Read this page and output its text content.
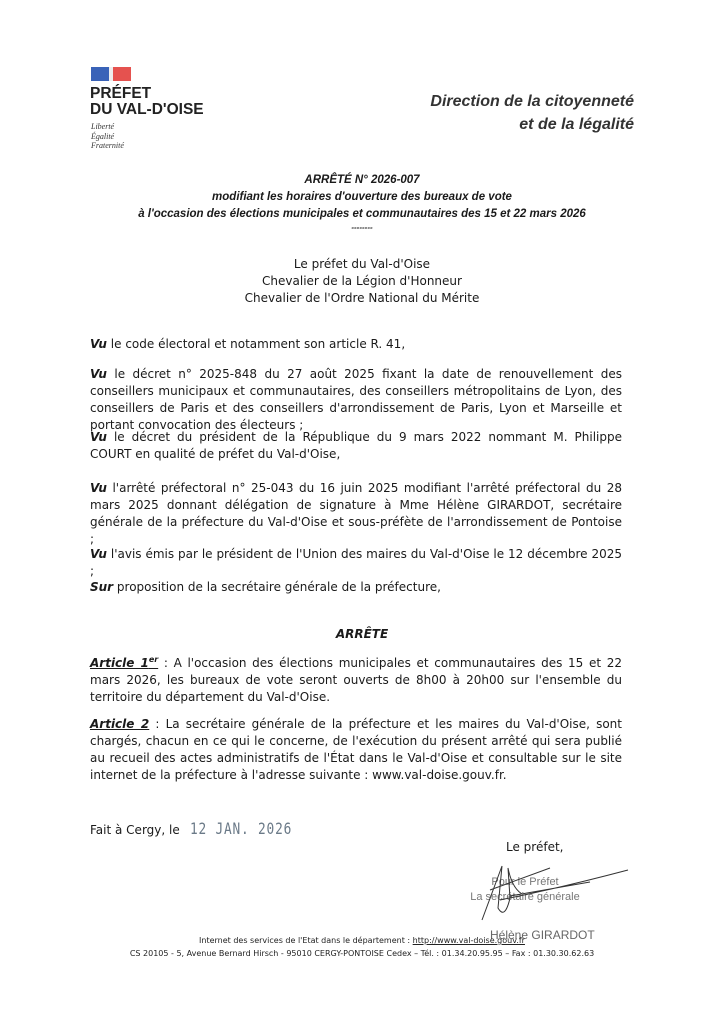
PRÉFET
DU VAL-D'OISE
Liberté
Égalité
Fraternité
Direction de la citoyenneté
et de la légalité
ARRÊTÉ N° 2026-007
modifiant les horaires d'ouverture des bureaux de vote
à l'occasion des élections municipales et communautaires des 15 et 22 mars 2026
--------
Le préfet du Val-d'Oise
Chevalier de la Légion d'Honneur
Chevalier de l'Ordre National du Mérite
Vu le code électoral et notamment son article R. 41,
Vu le décret n° 2025-848 du 27 août 2025 fixant la date de renouvellement des conseillers municipaux et communautaires, des conseillers métropolitains de Lyon, des conseillers de Paris et des conseillers d'arrondissement de Paris, Lyon et Marseille et portant convocation des électeurs ;
Vu le décret du président de la République du 9 mars 2022 nommant M. Philippe COURT en qualité de préfet du Val-d'Oise,
Vu l'arrêté préfectoral n° 25-043 du 16 juin 2025 modifiant l'arrêté préfectoral du 28 mars 2025 donnant délégation de signature à Mme Hélène GIRARDOT, secrétaire générale de la préfecture du Val-d'Oise et sous-préfète de l'arrondissement de Pontoise ;
Vu l'avis émis par le président de l'Union des maires du Val-d'Oise le 12 décembre 2025 ;
Sur proposition de la secrétaire générale de la préfecture,
ARRÊTE
Article 1er : A l'occasion des élections municipales et communautaires des 15 et 22 mars 2026, les bureaux de vote seront ouverts de 8h00 à 20h00 sur l'ensemble du territoire du département du Val-d'Oise.
Article 2 : La secrétaire générale de la préfecture et les maires du Val-d'Oise, sont chargés, chacun en ce qui le concerne, de l'exécution du présent arrêté qui sera publié au recueil des actes administratifs de l'État dans le Val-d'Oise et consultable sur le site internet de la préfecture à l'adresse suivante : www.val-doise.gouv.fr.
Fait à Cergy, le 12 JAN. 2026
Le préfet,
Pour le Préfet
La secrétaire générale
Hélène GIRARDOT
Internet des services de l'Etat dans le département : http://www.val-doise.gouv.fr
CS 20105 - 5, Avenue Bernard Hirsch - 95010 CERGY-PONTOISE Cedex – Tél. : 01.34.20.95.95 – Fax : 01.30.30.62.63
